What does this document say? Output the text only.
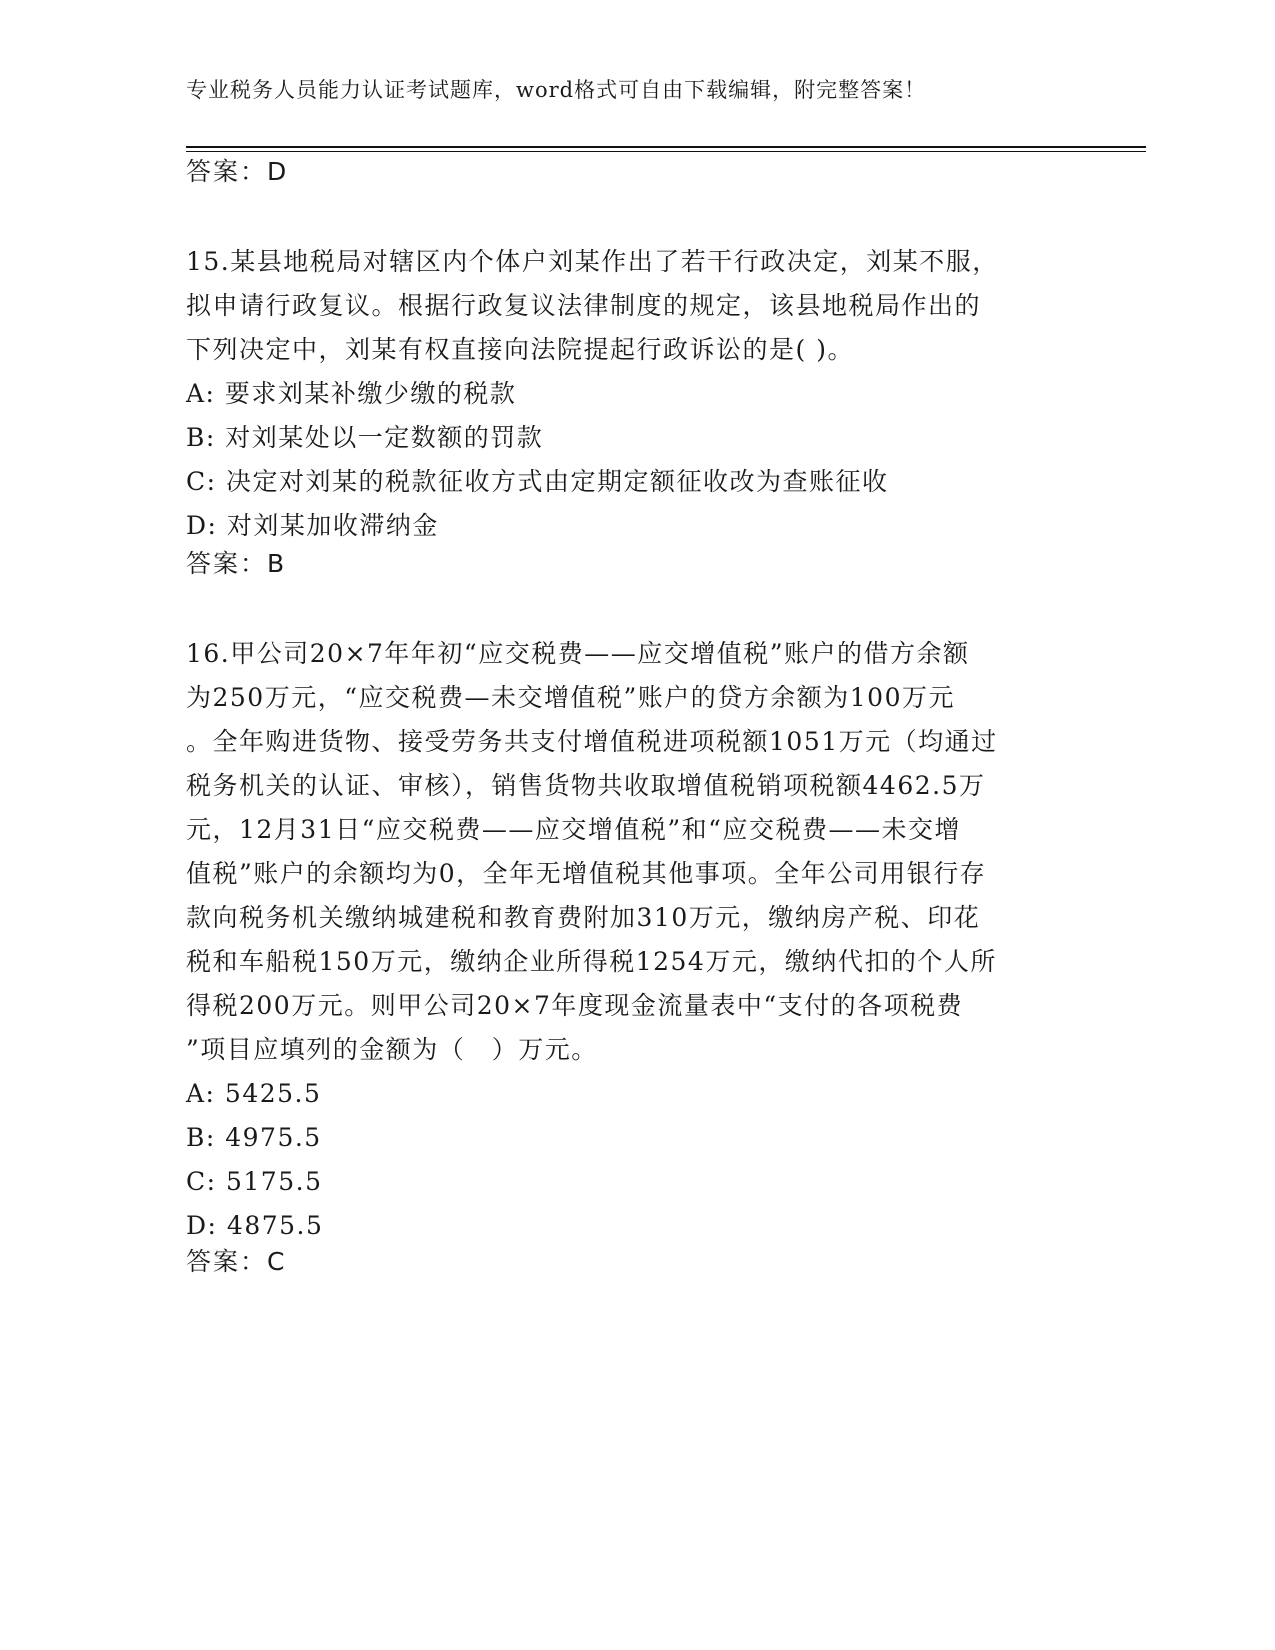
专业税务人员能力认证考试题库，word格式可自由下载编辑，附完整答案！
答案：D
15.某县地税局对辖区内个体户刘某作出了若干行政决定，刘某不服，
拟申请行政复议。根据行政复议法律制度的规定，该县地税局作出的
下列决定中，刘某有权直接向法院提起行政诉讼的是( )。
A: 要求刘某补缴少缴的税款
B: 对刘某处以一定数额的罚款
C: 决定对刘某的税款征收方式由定期定额征收改为查账征收
D: 对刘某加收滞纳金
答案：B
16.甲公司20×7年年初“应交税费——应交增值税”账户的借方余额
为250万元，“应交税费—未交增值税”账户的贷方余额为100万元
。全年购进货物、接受劳务共支付增值税进项税额1051万元（均通过
税务机关的认证、审核），销售货物共收取增值税销项税额4462.5万
元，12月31日“应交税费——应交增值税”和“应交税费——未交增
值税”账户的余额均为0，全年无增值税其他事项。全年公司用银行存
款向税务机关缴纳城建税和教育费附加310万元，缴纳房产税、印花
税和车船税150万元，缴纳企业所得税1254万元，缴纳代扣的个人所
得税200万元。则甲公司20×7年度现金流量表中“支付的各项税费
”项目应填列的金额为（　）万元。
A: 5425.5
B: 4975.5
C: 5175.5
D: 4875.5
答案：C
